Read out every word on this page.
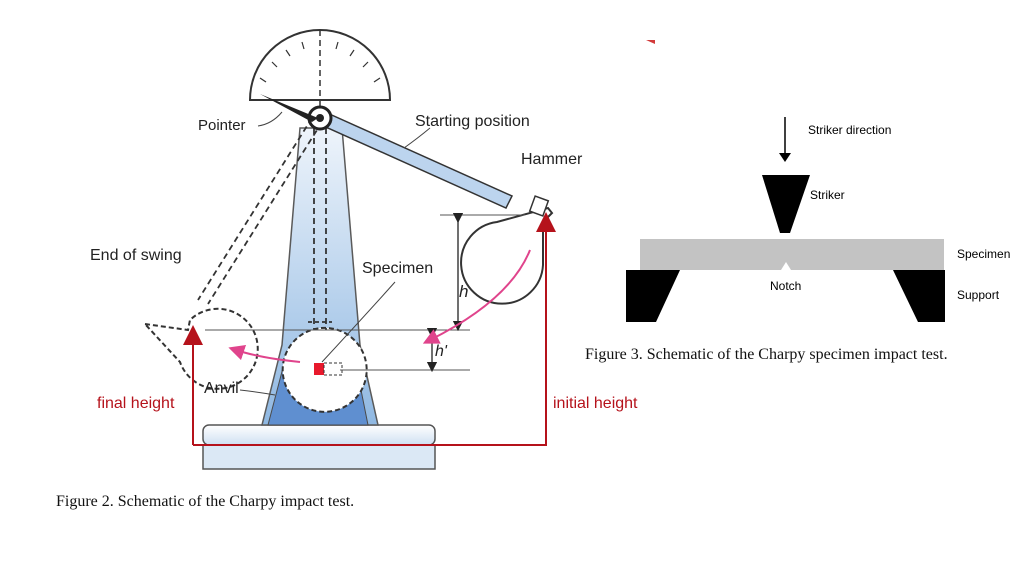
Pointer	Starting position
Hammer
End of swing
Specimen
Anvil
h
h'
final height	initial height
Striker direction
Striker
Specimen
Notch
Support
Figure 2. Schematic of the Charpy impact test.
Figure 3. Schematic of the Charpy specimen impact test.
